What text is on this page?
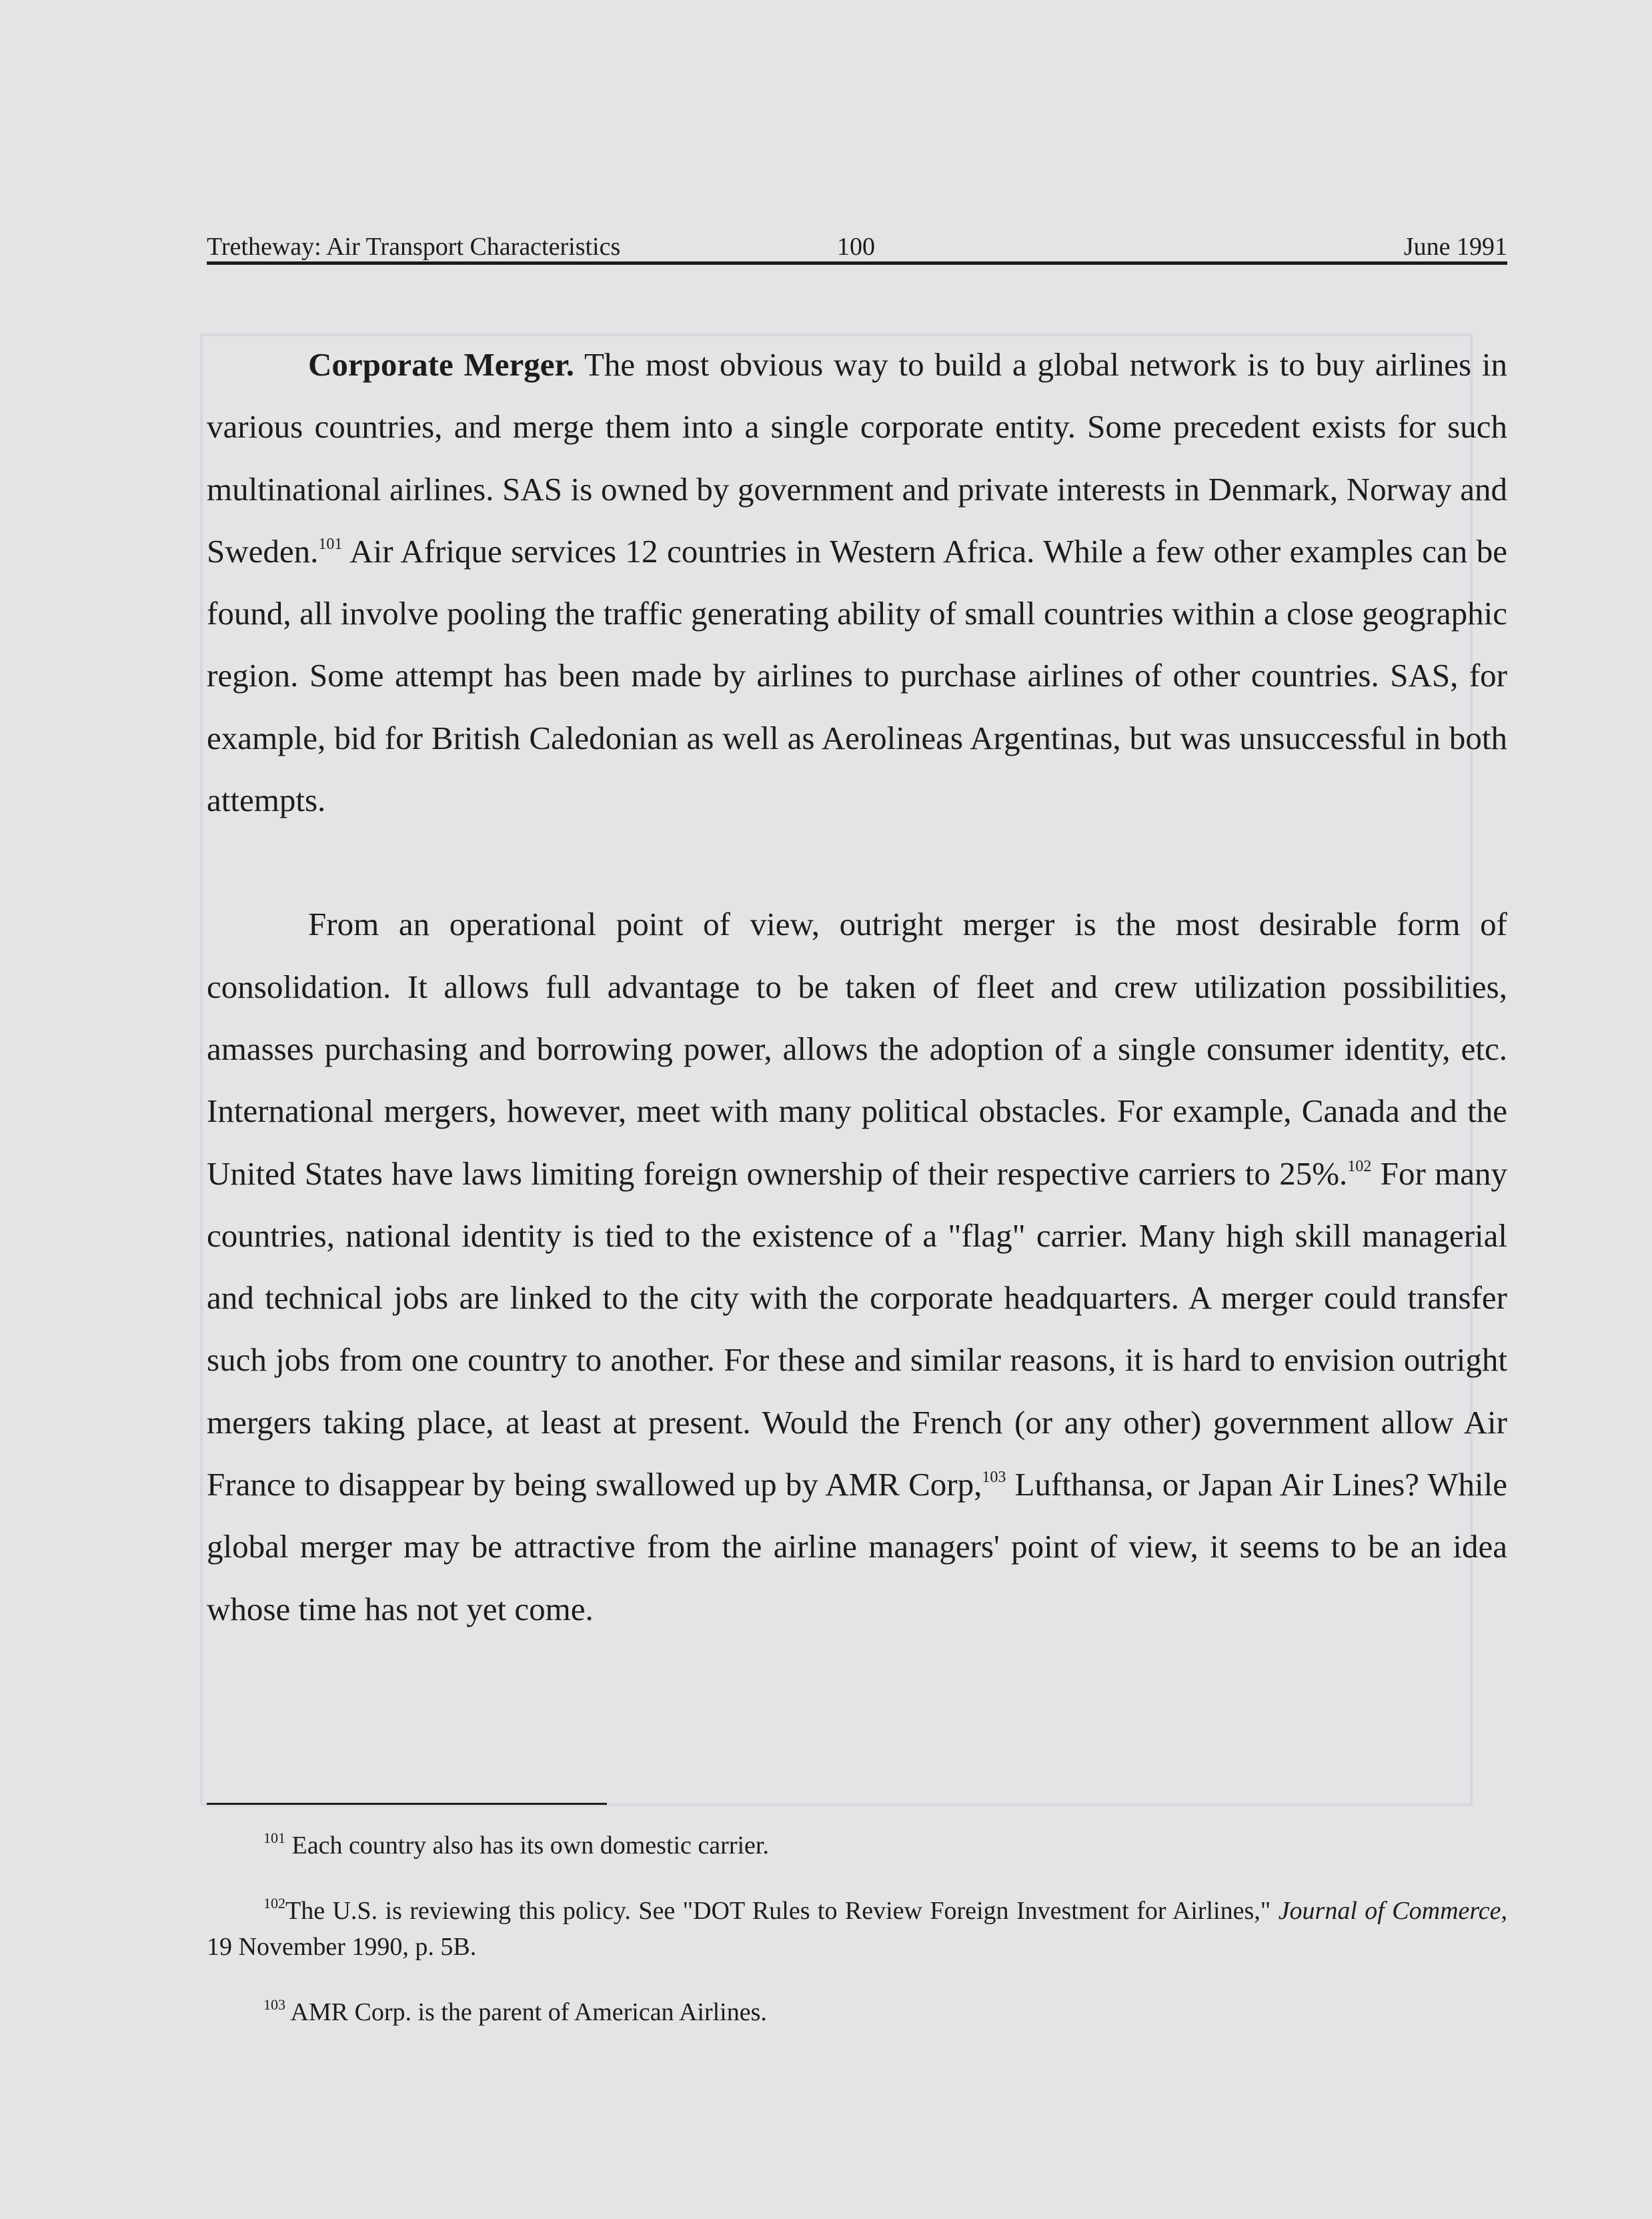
Tretheway: Air Transport Characteristics	100	June 1991

Corporate Merger. The most obvious way to build a global network is to buy airlines in various countries, and merge them into a single corporate entity. Some precedent exists for such multinational airlines. SAS is owned by government and private interests in Denmark, Norway and Sweden.$^{101}$ Air Afrique services 12 countries in Western Africa. While a few other examples can be found, all involve pooling the traffic generating ability of small countries within a close geographic region. Some attempt has been made by airlines to purchase airlines of other countries. SAS, for example, bid for British Caledonian as well as Aerolineas Argentinas, but was unsuccessful in both attempts.

From an operational point of view, outright merger is the most desirable form of consolidation. It allows full advantage to be taken of fleet and crew utilization possibilities, amasses purchasing and borrowing power, allows the adoption of a single consumer identity, etc. International mergers, however, meet with many political obstacles. For example, Canada and the United States have laws limiting foreign ownership of their respective carriers to 25%.$^{102}$ For many countries, national identity is tied to the existence of a "flag" carrier. Many high skill managerial and technical jobs are linked to the city with the corporate headquarters. A merger could transfer such jobs from one country to another. For these and similar reasons, it is hard to envision outright mergers taking place, at least at present. Would the French (or any other) government allow Air France to disappear by being swallowed up by AMR Corp,$^{103}$ Lufthansa, or Japan Air Lines? While global merger may be attractive from the airline managers' point of view, it seems to be an idea whose time has not yet come.

$^{101}$ Each country also has its own domestic carrier.

$^{102}$The U.S. is reviewing this policy. See "DOT Rules to Review Foreign Investment for Airlines," Journal of Commerce, 19 November 1990, p. 5B.

$^{103}$ AMR Corp. is the parent of American Airlines.
